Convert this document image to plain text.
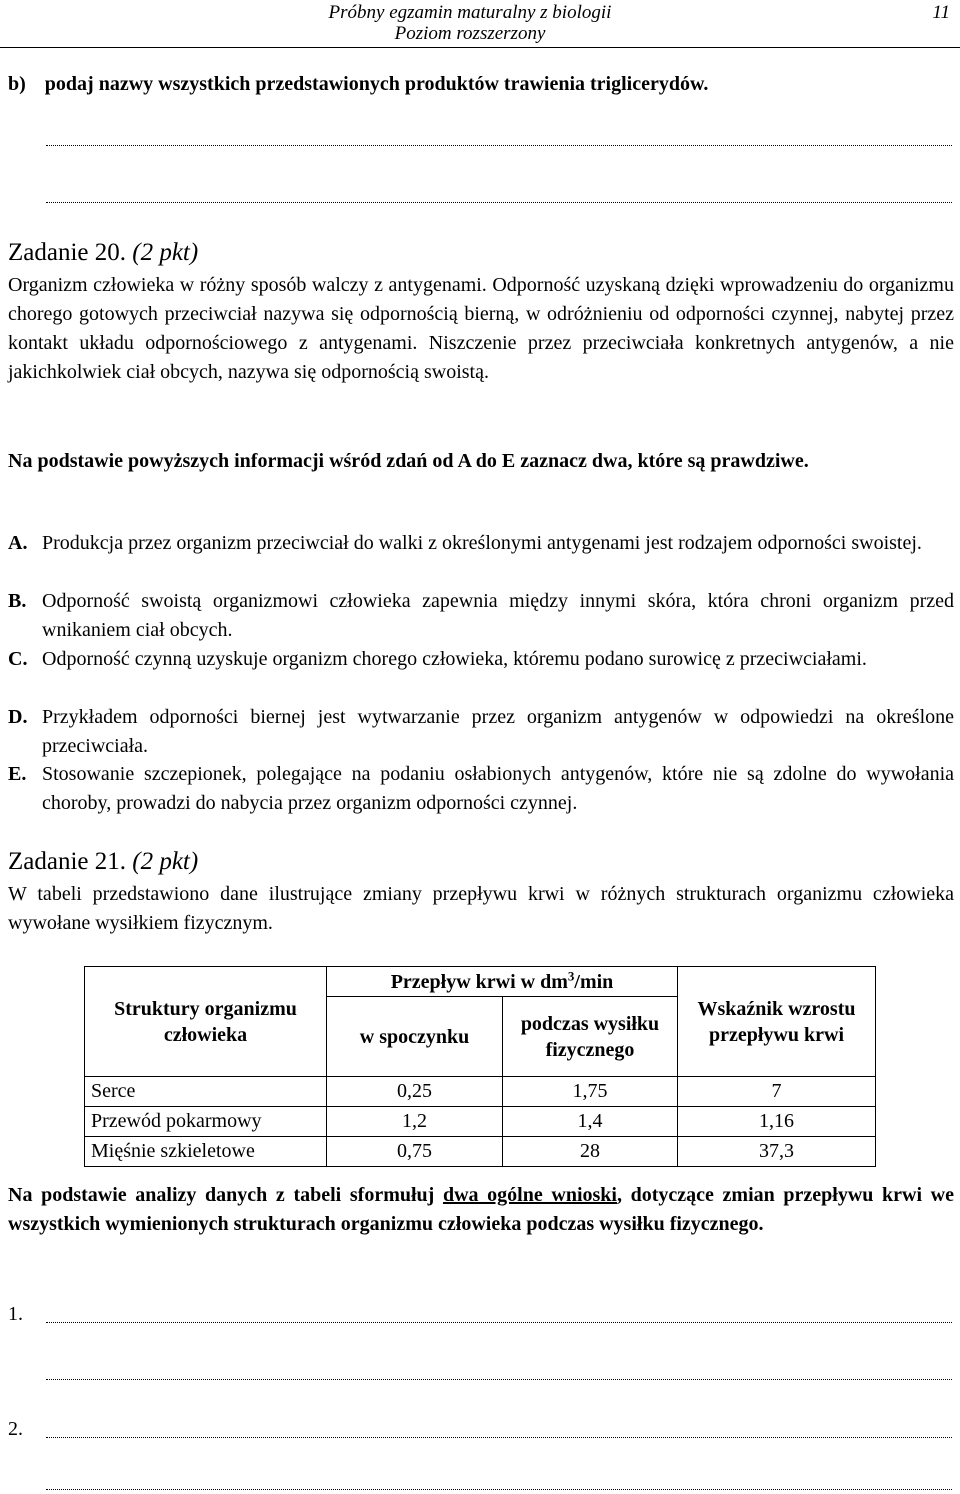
Próbny egzamin maturalny z biologii
Poziom rozszerzony
11
b) podaj nazwy wszystkich przedstawionych produktów trawienia triglicerydów.
Zadanie 20. (2 pkt)
Organizm człowieka w różny sposób walczy z antygenami. Odporność uzyskaną dzięki wprowadzeniu do organizmu chorego gotowych przeciwciał nazywa się odpornością bierną, w odróżnieniu od odporności czynnej, nabytej przez kontakt układu odpornościowego z antygenami. Niszczenie przez przeciwciała konkretnych antygenów, a nie jakichkolwiek ciał obcych, nazywa się odpornością swoistą.
Na podstawie powyższych informacji wśród zdań od A do E zaznacz dwa, które są prawdziwe.
A. Produkcja przez organizm przeciwciał do walki z określonymi antygenami jest rodzajem odporności swoistej.
B. Odporność swoistą organizmowi człowieka zapewnia między innymi skóra, która chroni organizm przed wnikaniem ciał obcych.
C. Odporność czynną uzyskuje organizm chorego człowieka, któremu podano surowicę z przeciwciałami.
D. Przykładem odporności biernej jest wytwarzanie przez organizm antygenów w odpowiedzi na określone przeciwciała.
E. Stosowanie szczepionek, polegające na podaniu osłabionych antygenów, które nie są zdolne do wywołania choroby, prowadzi do nabycia przez organizm odporności czynnej.
Zadanie 21. (2 pkt)
W tabeli przedstawiono dane ilustrujące zmiany przepływu krwi w różnych strukturach organizmu człowieka wywołane wysiłkiem fizycznym.
Struktury organizmu człowieka	Przepływ krwi w $dm^3/\min$		Wskaźnik wzrostu przepływu krwi
	w spoczynku	podczas wysiłku fizycznego	
Serce	0,25	1,75	7
Przewód pokarmowy	1,2	1,4	1,16
Mięśnie szkieletowe	0,75	28	37,3
Na podstawie analizy danych z tabeli sformułuj dwa ogólne wnioski, dotyczące zmian przepływu krwi we wszystkich wymienionych strukturach organizmu człowieka podczas wysiłku fizycznego.
1.
2.
